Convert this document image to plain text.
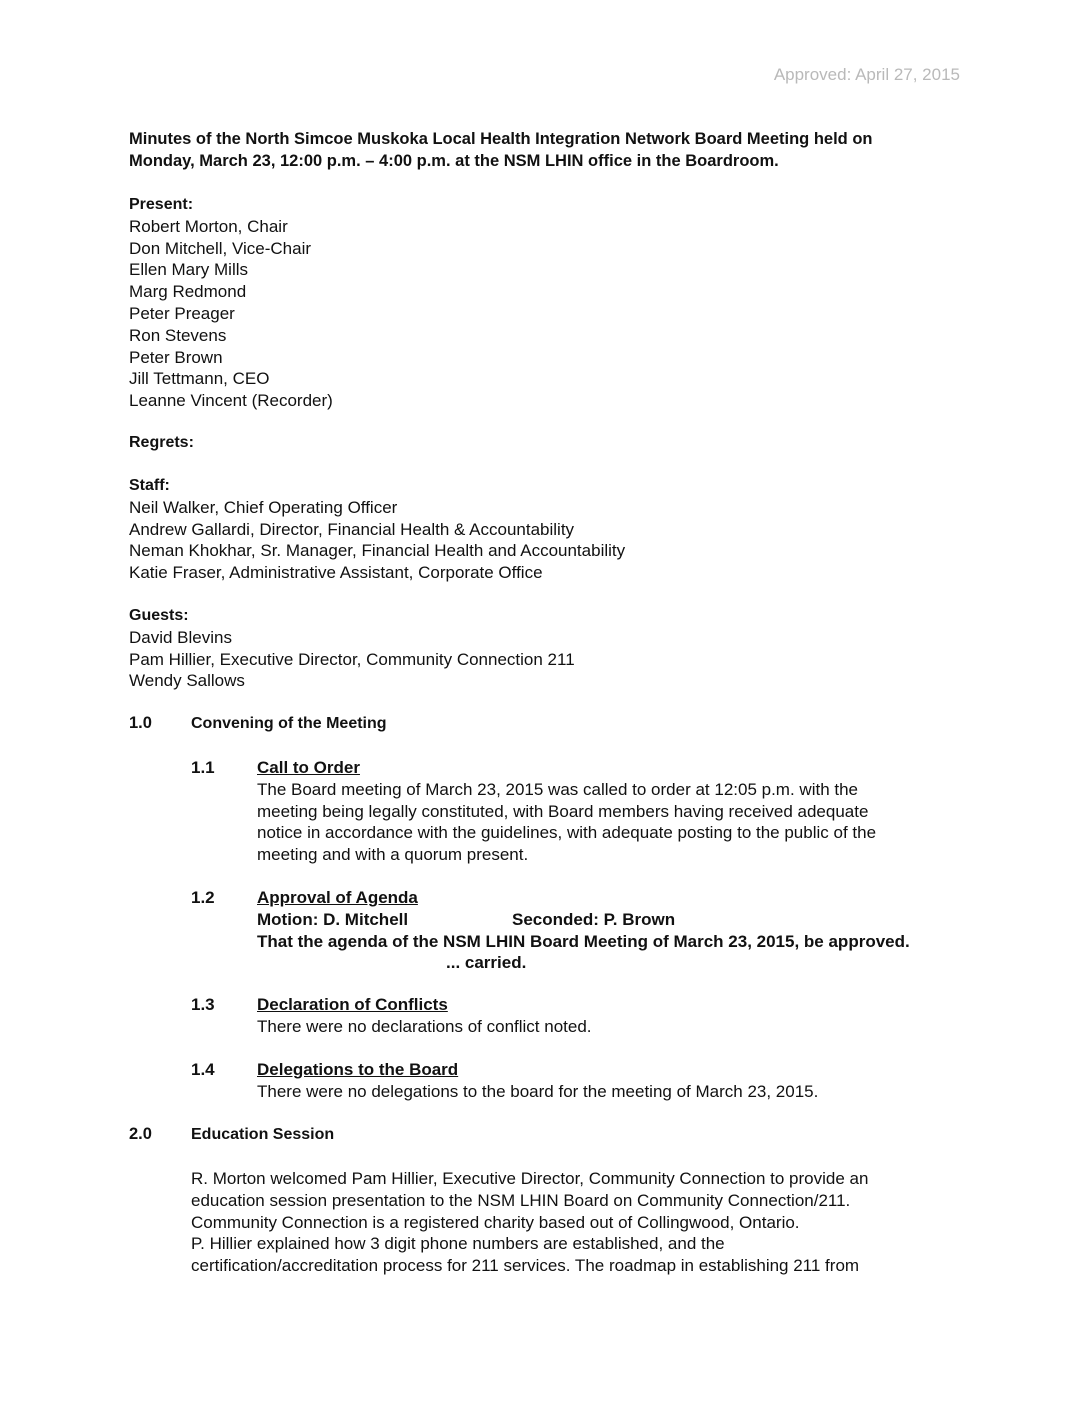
Approved: April 27, 2015
Minutes of the North Simcoe Muskoka Local Health Integration Network Board Meeting held on
Monday, March 23, 12:00 p.m. – 4:00 p.m. at the NSM LHIN office in the Boardroom.
Present:
Robert Morton, Chair
Don Mitchell, Vice-Chair
Ellen Mary Mills
Marg Redmond
Peter Preager
Ron Stevens
Peter Brown
Jill Tettmann, CEO
Leanne Vincent (Recorder)
Regrets:
Staff:
Neil Walker, Chief Operating Officer
Andrew Gallardi, Director, Financial Health & Accountability
Neman Khokhar, Sr. Manager, Financial Health and Accountability
Katie Fraser, Administrative Assistant, Corporate Office
Guests:
David Blevins
Pam Hillier, Executive Director, Community Connection 211
Wendy Sallows
1.0 Convening of the Meeting
1.1 Call to Order
The Board meeting of March 23, 2015 was called to order at 12:05 p.m. with the
meeting being legally constituted, with Board members having received adequate
notice in accordance with the guidelines, with adequate posting to the public of the
meeting and with a quorum present.
1.2 Approval of Agenda
Motion: D. Mitchell	Seconded: P. Brown
That the agenda of the NSM LHIN Board Meeting of March 23, 2015, be approved.
... carried.
1.3 Declaration of Conflicts
There were no declarations of conflict noted.
1.4 Delegations to the Board
There were no delegations to the board for the meeting of March 23, 2015.
2.0 Education Session
R. Morton welcomed Pam Hillier, Executive Director, Community Connection to provide an
education session presentation to the NSM LHIN Board on Community Connection/211.
Community Connection is a registered charity based out of Collingwood, Ontario.
P. Hillier explained how 3 digit phone numbers are established, and the
certification/accreditation process for 211 services. The roadmap in establishing 211 from
